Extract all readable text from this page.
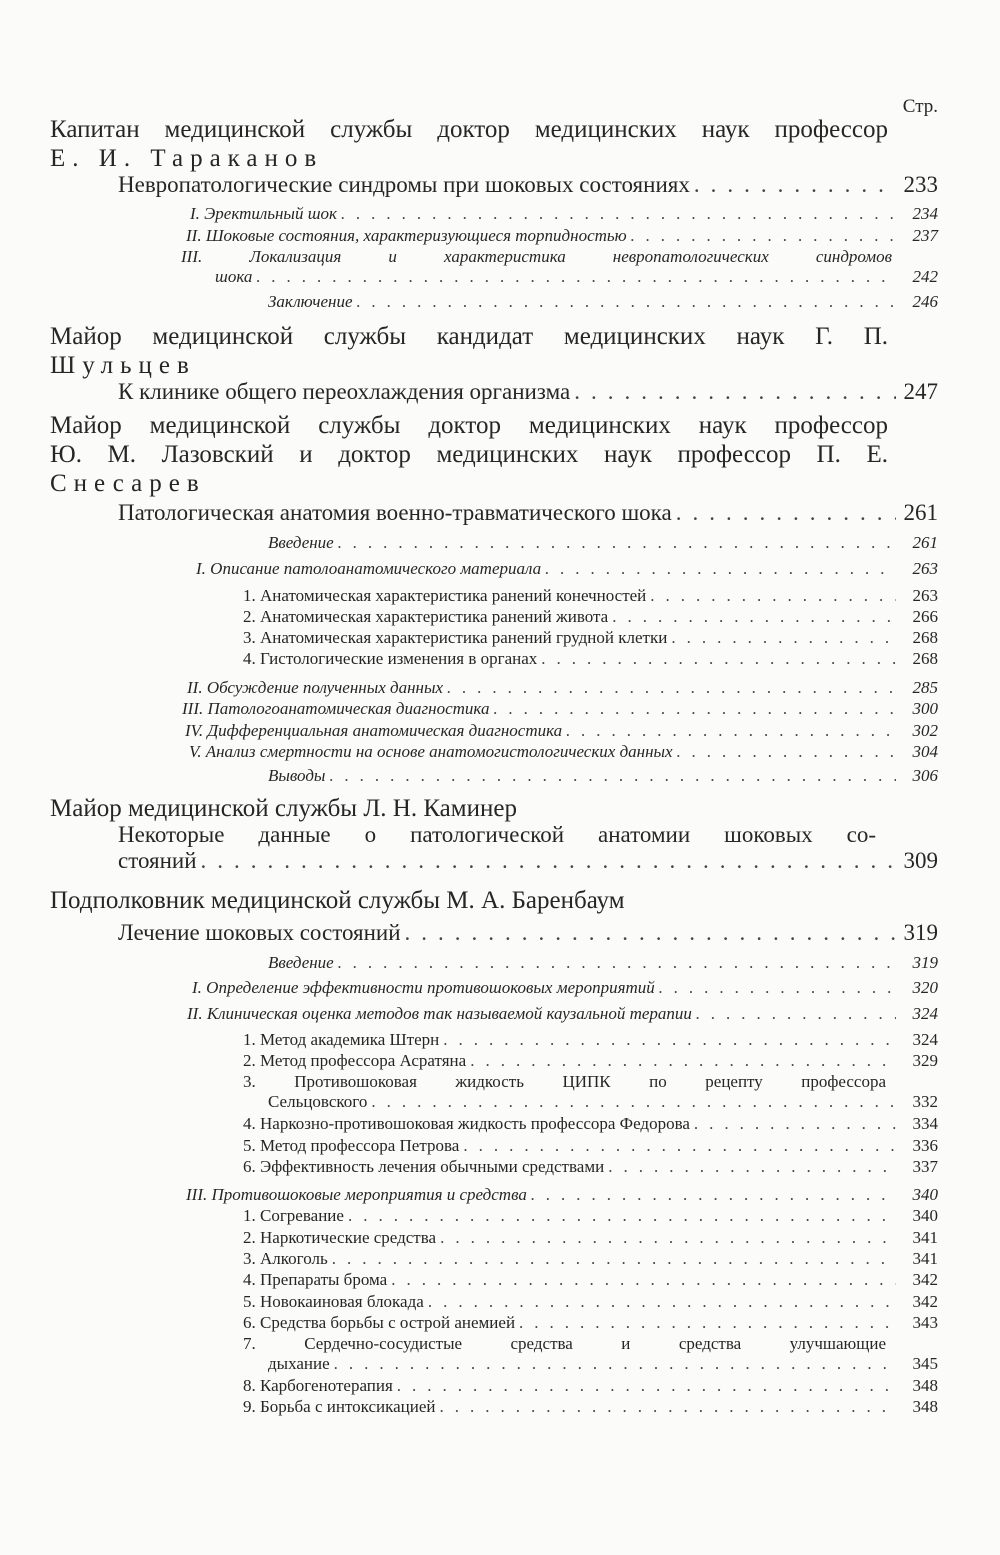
Стр.
Капитан медицинской службы доктор медицинских наук профессор
Е. И. Тараканов
Невропатологические синдромы при шоковых состояниях .....	233
I. Эректильный шок .....	234
II. Шоковые состояния, характеризующиеся торпидностью .....	237
III.	Локализация и характеристика невропатологических синдромов
шока .....	242
Заключение .....	246
Майор медицинской службы кандидат медицинских наук Г. П.
Шульцев
К клинике общего переохлаждения организма .....	247
Майор медицинской службы доктор медицинских наук профессор
Ю. М. Лазовский и доктор медицинских наук профессор П. Е.
Снесарев
Патологическая анатомия военно-травматического шока .....	261
Введение .....	261
I. Описание патолоанатомического материала .....	263
1. Анатомическая характеристика ранений конечностей .....	263
2. Анатомическая характеристика ранений живота .....	266
3. Анатомическая характеристика ранений грудной клетки .....	268
4. Гистологические изменения в органах .....	268
II. Обсуждение полученных данных .....	285
III. Патологоанатомическая диагностика .....	300
IV. Дифференциальная анатомическая диагностика .....	302
V. Анализ смертности на основе анатомогистологических данных .....	304
Выводы .....	306
Майор медицинской службы Л. Н. Каминер
Некоторые данные о патологической анатомии шоковых со-
стояний .....	309
Подполковник медицинской службы М. А. Баренбаум
Лечение шоковых состояний .....	319
Введение .....	319
I. Определение эффективности противошоковых мероприятий .....	320
II. Клиническая оценка методов так называемой каузальной терапии .....	324
1. Метод академика Штерн .....	324
2. Метод профессора Асратяна .....	329
3. Противошоковая жидкость ЦИПК по рецепту профессора
Сельцовского .....	332
4. Наркозно-противошоковая жидкость профессора Федорова .....	334
5. Метод профессора Петрова .....	336
6. Эффективность лечения обычными средствами .....	337
III. Противошоковые мероприятия и средства .....	340
1. Согревание .....	340
2. Наркотические средства .....	341
3. Алкоголь .....	341
4. Препараты брома .....	342
5. Новокаиновая блокада .....	342
6. Средства борьбы с острой анемией .....	343
7.	Сердечно-сосудистые средства и средства улучшающие
дыхание .....	345
8. Карбогенотерапия .....	348
9. Борьба с интоксикацией .....	348
